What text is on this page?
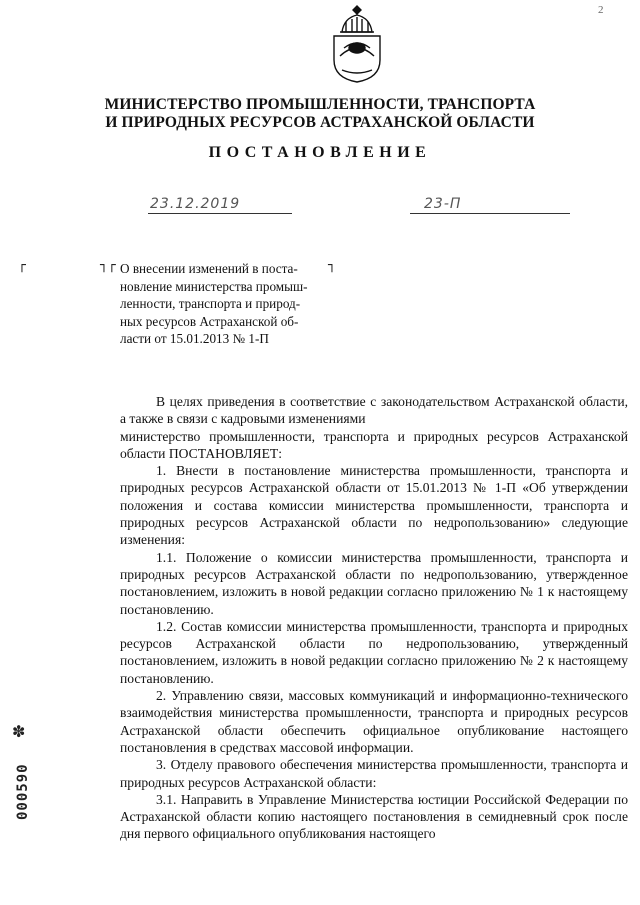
2
МИНИСТЕРСТВО ПРОМЫШЛЕННОСТИ, ТРАНСПОРТА
И ПРИРОДНЫХ РЕСУРСОВ АСТРАХАНСКОЙ ОБЛАСТИ
ПОСТАНОВЛЕНИЕ
23.12.2019	23-П
┌	┐┌	┐
О внесении изменений в поста-
новление министерства промыш-
ленности, транспорта и природ-
ных ресурсов Астраханской об-
ласти от 15.01.2013 № 1-П

В целях приведения в соответствие с законодательством Астраханской области, а также в связи с кадровыми изменениями

министерство промышленности, транспорта и природных ресурсов Астраханской области ПОСТАНОВЛЯЕТ:

1. Внести в постановление министерства промышленности, транспорта и природных ресурсов Астраханской области от 15.01.2013 № 1-П «Об утверждении положения и состава комиссии министерства промышленности, транспорта и природных ресурсов Астраханской области по недропользованию» следующие изменения:

1.1. Положение о комиссии министерства промышленности, транспорта и природных ресурсов Астраханской области по недропользованию, утвержденное постановлением, изложить в новой редакции согласно приложению № 1 к настоящему постановлению.

1.2. Состав комиссии министерства промышленности, транспорта и природных ресурсов Астраханской области по недропользованию, утвержденный постановлением, изложить в новой редакции согласно приложению № 2 к настоящему постановлению.

2. Управлению связи, массовых коммуникаций и информационно-технического взаимодействия министерства промышленности, транспорта и природных ресурсов Астраханской области обеспечить официальное опубликование настоящего постановления в средствах массовой информации.

3. Отделу правового обеспечения министерства промышленности, транспорта и природных ресурсов Астраханской области:

3.1. Направить в Управление Министерства юстиции Российской Федерации по Астраханской области копию настоящего постановления в семидневный срок после дня первого официального опубликования настоящего

✽
000590
